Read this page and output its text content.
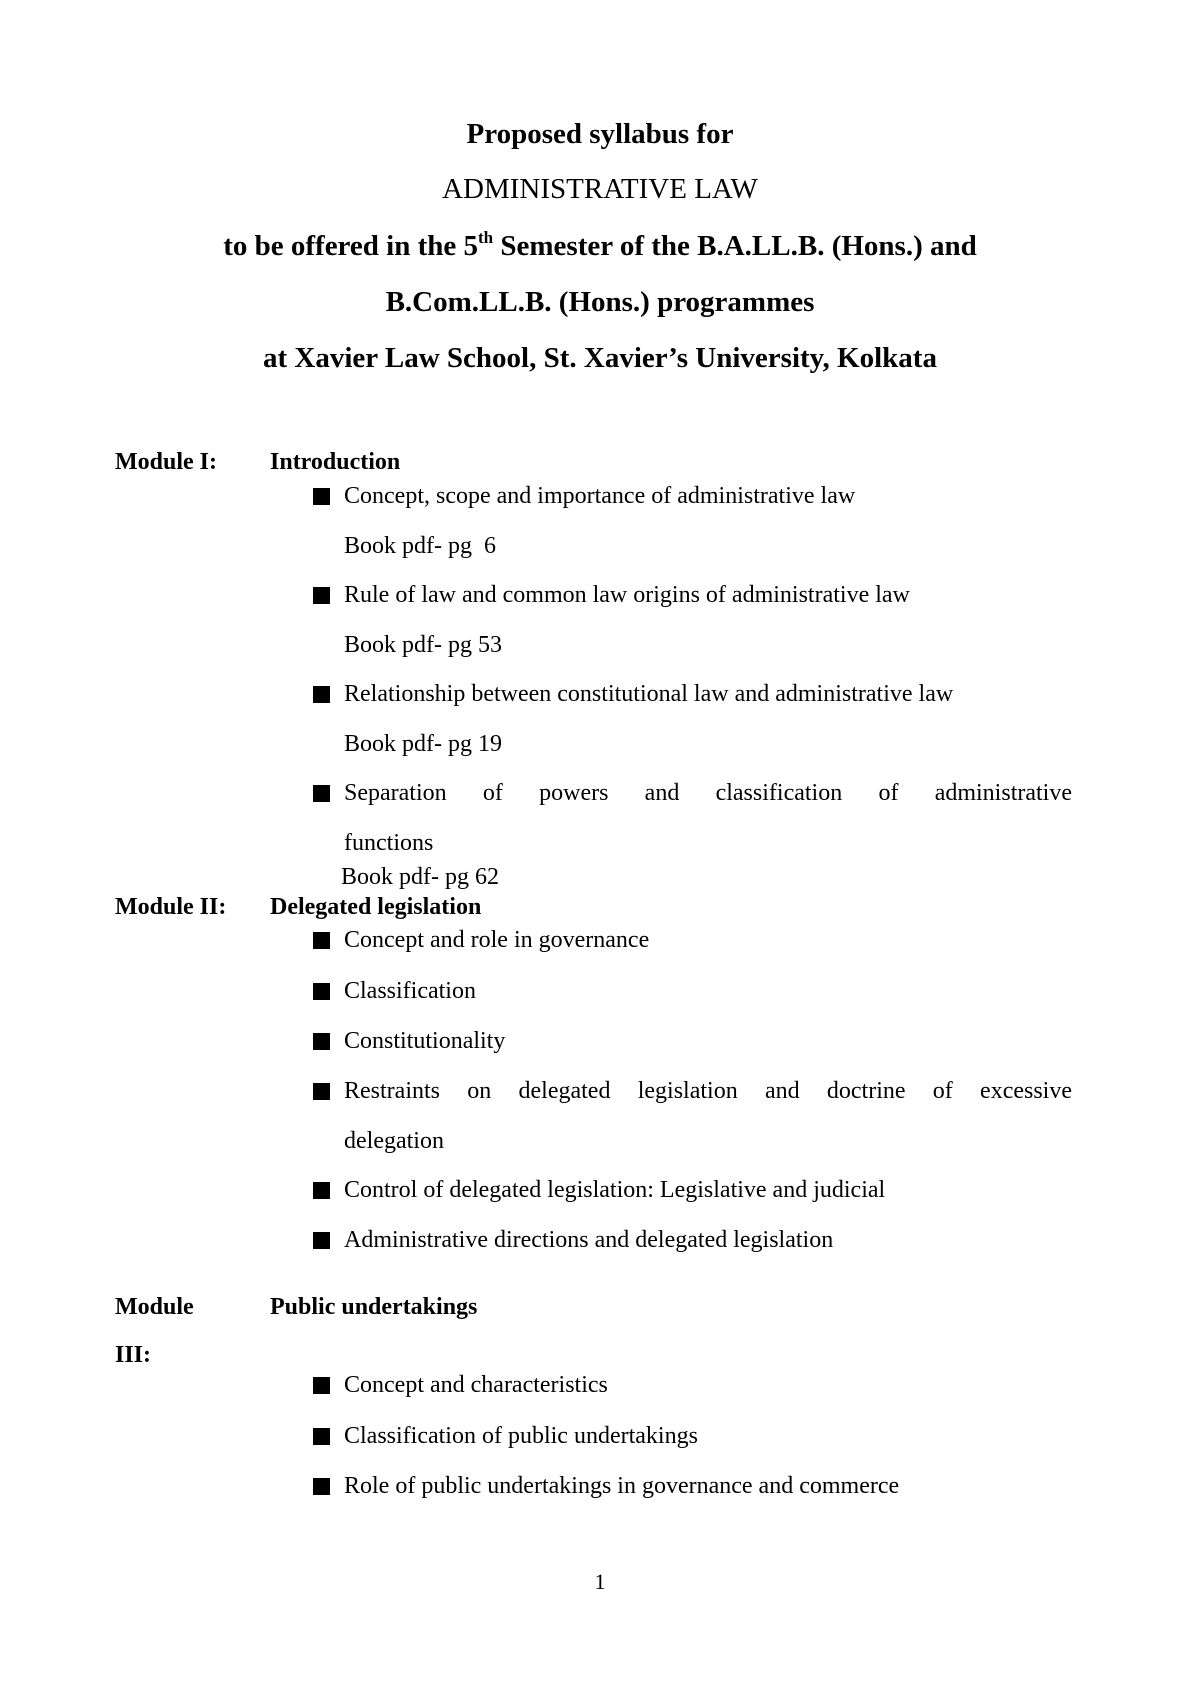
Proposed syllabus for
ADMINISTRATIVE LAW
to be offered in the 5th Semester of the B.A.LL.B. (Hons.) and
B.Com.LL.B. (Hons.) programmes
at Xavier Law School, St. Xavier’s University, Kolkata
Module I: Introduction
Concept, scope and importance of administrative law
Book pdf- pg  6
Rule of law and common law origins of administrative law
Book pdf- pg 53
Relationship between constitutional law and administrative law
Book pdf- pg 19
Separation of powers and classification of administrative
functions
Book pdf- pg 62
Module II: Delegated legislation
Concept and role in governance
Classification
Constitutionality
Restraints on delegated legislation and doctrine of excessive
delegation
Control of delegated legislation: Legislative and judicial
Administrative directions and delegated legislation
Module
III:
Public undertakings
Concept and characteristics
Classification of public undertakings
Role of public undertakings in governance and commerce
1
